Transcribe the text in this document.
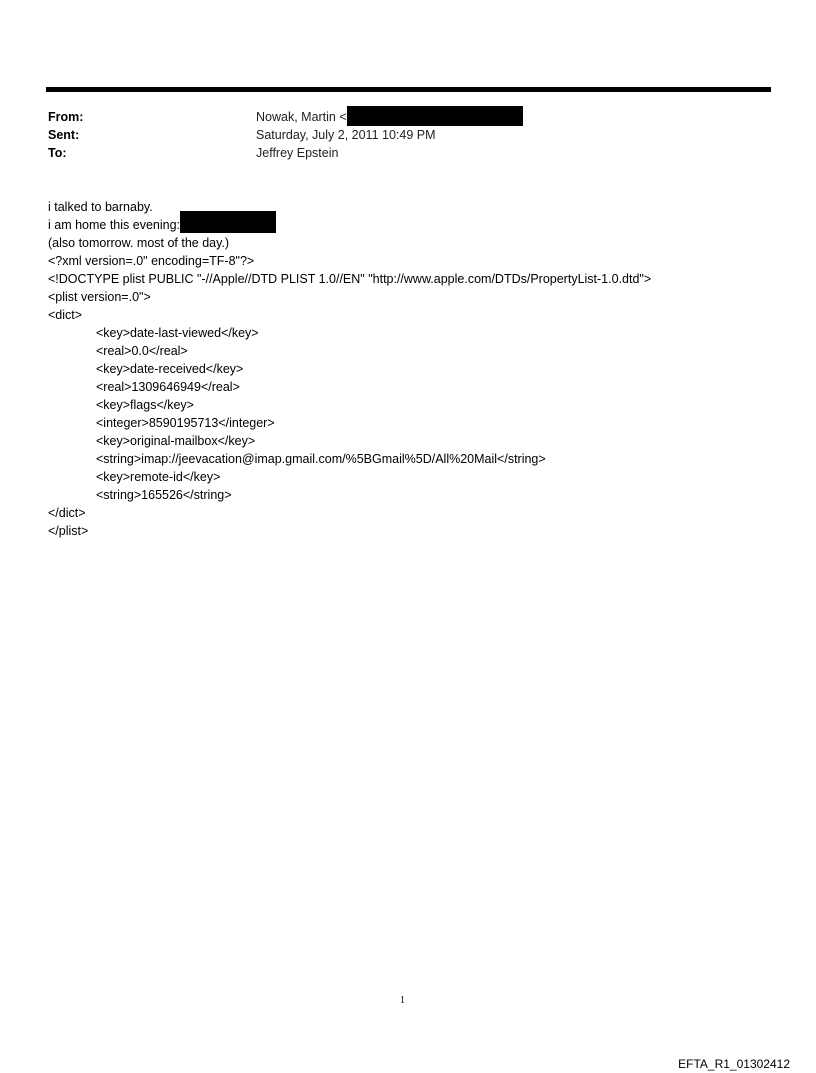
From:	Nowak, Martin <
Sent:	Saturday, July 2, 2011 10:49 PM
To:	Jeffrey Epstein
i talked to barnaby.
i am home this evening:
(also tomorrow. most of the day.)
<?xml version=.0" encoding=TF-8"?>
<!DOCTYPE plist PUBLIC "-//Apple//DTD PLIST 1.0//EN" "http://www.apple.com/DTDs/PropertyList-1.0.dtd">
<plist version=.0">
<dict>
<key>date-last-viewed</key>
<real>0.0</real>
<key>date-received</key>
<real>1309646949</real>
<key>flags</key>
<integer>8590195713</integer>
<key>original-mailbox</key>
<string>imap://jeevacation@imap.gmail.com/%5BGmail%5D/All%20Mail</string>
<key>remote-id</key>
<string>165526</string>
</dict>
</plist>
1
EFTA_R1_01302412
